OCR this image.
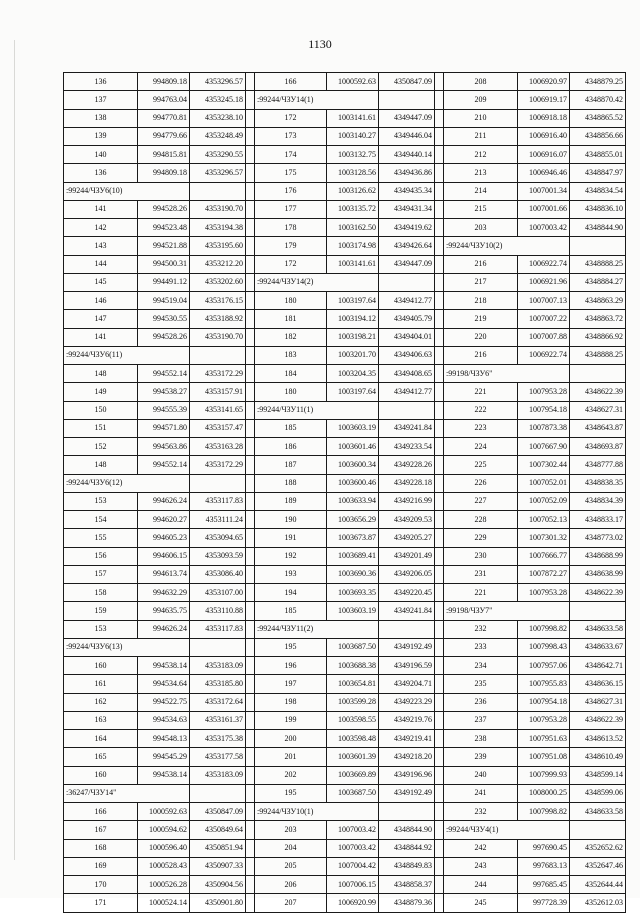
1130
136	994809.18	4353296.57		166	1000592.63	4350847.09		208	1006920.97	4348879.25
137	994763.04	4353245.18		:99244/ЧЗУ14(1)				209	1006919.17	4348870.42
138	994770.81	4353238.10		172	1003141.61	4349447.09		210	1006918.18	4348865.52
139	994779.66	4353248.49		173	1003140.27	4349446.04		211	1006916.40	4348856.66
140	994815.81	4353290.55		174	1003132.75	4349440.14		212	1006916.07	4348855.01
136	994809.18	4353296.57		175	1003128.56	4349436.86		213	1006946.46	4348847.97
:99244/ЧЗУ6(10)				176	1003126.62	4349435.34		214	1007001.34	4348834.54
141	994528.26	4353190.70		177	1003135.72	4349431.34		215	1007001.66	4348836.10
142	994523.48	4353194.38		178	1003162.50	4349419.62		203	1007003.42	4348844.90
143	994521.88	4353195.60		179	1003174.98	4349426.64		:99244/ЧЗУ10(2)		
144	994500.31	4353212.20		172	1003141.61	4349447.09		216	1006922.74	4348888.25
145	994491.12	4353202.60		:99244/ЧЗУ14(2)				217	1006921.96	4348884.27
146	994519.04	4353176.15		180	1003197.64	4349412.77		218	1007007.13	4348863.29
147	994530.55	4353188.92		181	1003194.12	4349405.79		219	1007007.22	4348863.72
141	994528.26	4353190.70		182	1003198.21	4349404.01		220	1007007.88	4348866.92
:99244/ЧЗУ6(11)				183	1003201.70	4349406.63		216	1006922.74	4348888.25
148	994552.14	4353172.29		184	1003204.35	4349408.65		:99198/ЧЗУ6"		
149	994538.27	4353157.91		180	1003197.64	4349412.77		221	1007953.28	4348622.39
150	994555.39	4353141.65		:99244/ЧЗУ11(1)				222	1007954.18	4348627.31
151	994571.80	4353157.47		185	1003603.19	4349241.84		223	1007873.38	4348643.87
152	994563.86	4353163.28		186	1003601.46	4349233.54		224	1007667.90	4348693.87
148	994552.14	4353172.29		187	1003600.34	4349228.26		225	1007302.44	4348777.88
:99244/ЧЗУ6(12)				188	1003600.46	4349228.18		226	1007052.01	4348838.35
153	994626.24	4353117.83		189	1003633.94	4349216.99		227	1007052.09	4348834.39
154	994620.27	4353111.24		190	1003656.29	4349209.53		228	1007052.13	4348833.17
155	994605.23	4353094.65		191	1003673.87	4349205.27		229	1007301.32	4348773.02
156	994606.15	4353093.59		192	1003689.41	4349201.49		230	1007666.77	4348688.99
157	994613.74	4353086.40		193	1003690.36	4349206.05		231	1007872.27	4348638.99
158	994632.29	4353107.00		194	1003693.35	4349220.45		221	1007953.28	4348622.39
159	994635.75	4353110.88		185	1003603.19	4349241.84		:99198/ЧЗУ7"		
153	994626.24	4353117.83		:99244/ЧЗУ11(2)				232	1007998.82	4348633.58
:99244/ЧЗУ6(13)				195	1003687.50	4349192.49		233	1007998.43	4348633.67
160	994538.14	4353183.09		196	1003688.38	4349196.59		234	1007957.06	4348642.71
161	994534.64	4353185.80		197	1003654.81	4349204.71		235	1007955.83	4348636.15
162	994522.75	4353172.64		198	1003599.28	4349223.29		236	1007954.18	4348627.31
163	994534.63	4353161.37		199	1003598.55	4349219.76		237	1007953.28	4348622.39
164	994548.13	4353175.38		200	1003598.48	4349219.41		238	1007951.63	4348613.52
165	994545.29	4353177.58		201	1003601.39	4349218.20		239	1007951.08	4348610.49
160	994538.14	4353183.09		202	1003669.89	4349196.96		240	1007999.93	4348599.14
:36247/ЧЗУ14"				195	1003687.50	4349192.49		241	1008000.25	4348599.06
166	1000592.63	4350847.09		:99244/ЧЗУ10(1)				232	1007998.82	4348633.58
167	1000594.62	4350849.64		203	1007003.42	4348844.90		:99244/ЧЗУ4(1)		
168	1000596.40	4350851.94		204	1007003.42	4348844.92		242	997690.45	4352652.62
169	1000528.43	4350907.33		205	1007004.42	4348849.83		243	997683.13	4352647.46
170	1000526.28	4350904.56		206	1007006.15	4348858.37		244	997685.45	4352644.44
171	1000524.14	4350901.80		207	1006920.99	4348879.36		245	997728.39	4352612.03
